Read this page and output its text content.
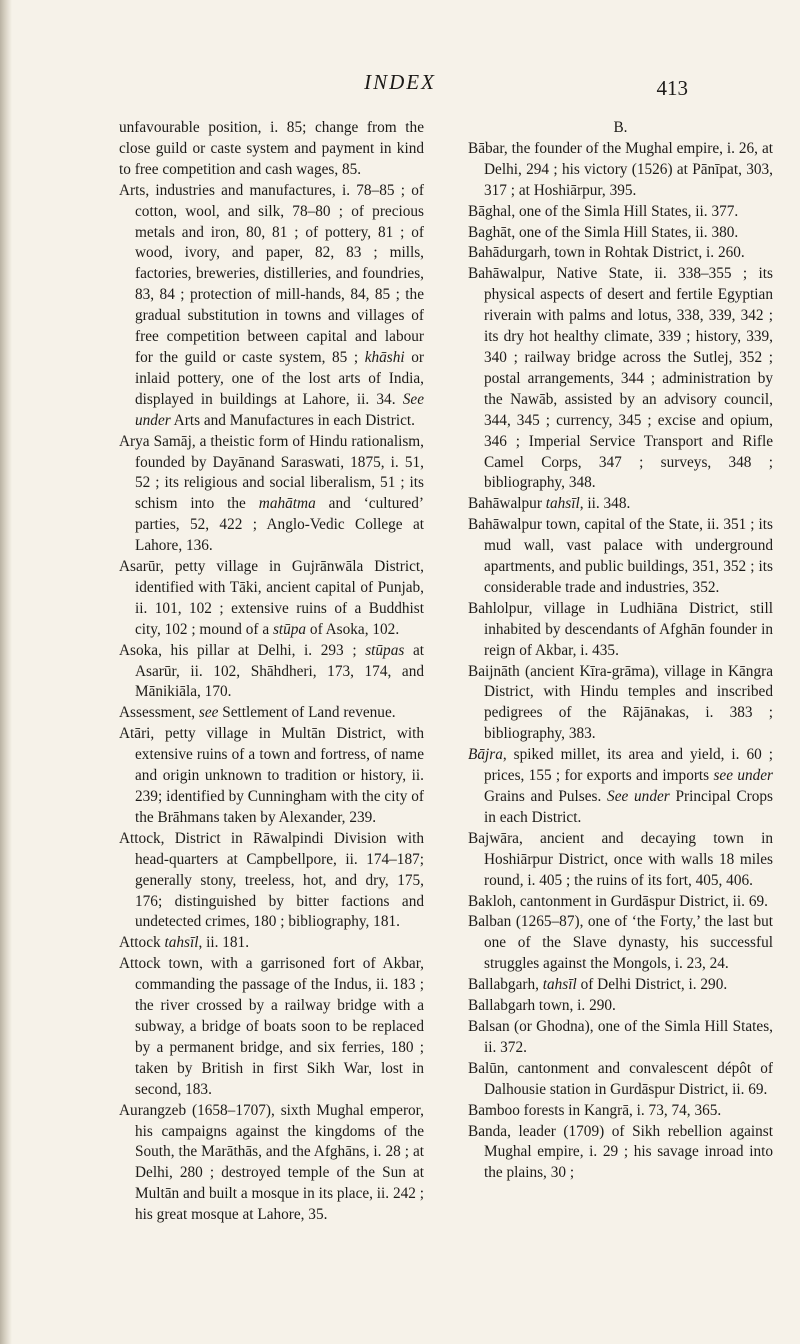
INDEX	413

unfavourable position, i. 85; change from the close guild or caste system and payment in kind to free competition and cash wages, 85.

Arts, industries and manufactures, i. 78–85 ; of cotton, wool, and silk, 78–80 ; of precious metals and iron, 80, 81 ; of pottery, 81 ; of wood, ivory, and paper, 82, 83 ; mills, factories, breweries, distilleries, and foundries, 83, 84 ; protection of mill-hands, 84, 85 ; the gradual substitution in towns and villages of free competition between capital and labour for the guild or caste system, 85 ; khāshi or inlaid pottery, one of the lost arts of India, displayed in buildings at Lahore, ii. 34. See under Arts and Manufactures in each District.

Arya Samāj, a theistic form of Hindu rationalism, founded by Dayānand Saraswati, 1875, i. 51, 52 ; its religious and social liberalism, 51 ; its schism into the mahātma and ‘cultured’ parties, 52, 422 ; Anglo-Vedic College at Lahore, 136.

Asarūr, petty village in Gujrānwāla District, identified with Tāki, ancient capital of Punjab, ii. 101, 102 ; extensive ruins of a Buddhist city, 102 ; mound of a stūpa of Asoka, 102.

Asoka, his pillar at Delhi, i. 293 ; stūpas at Asarūr, ii. 102, Shāhdheri, 173, 174, and Mānikiāla, 170.

Assessment, see Settlement of Land revenue.

Atāri, petty village in Multān District, with extensive ruins of a town and fortress, of name and origin unknown to tradition or history, ii. 239; identified by Cunningham with the city of the Brāhmans taken by Alexander, 239.

Attock, District in Rāwalpindi Division with head-quarters at Campbellpore, ii. 174–187; generally stony, treeless, hot, and dry, 175, 176; distinguished by bitter factions and undetected crimes, 180 ; bibliography, 181.

Attock tahsīl, ii. 181.

Attock town, with a garrisoned fort of Akbar, commanding the passage of the Indus, ii. 183 ; the river crossed by a railway bridge with a subway, a bridge of boats soon to be replaced by a permanent bridge, and six ferries, 180 ; taken by British in first Sikh War, lost in second, 183.

Aurangzeb (1658–1707), sixth Mughal emperor, his campaigns against the kingdoms of the South, the Marāthās, and the Afghāns, i. 28 ; at Delhi, 280 ; destroyed temple of the Sun at Multān and built a mosque in its place, ii. 242 ; his great mosque at Lahore, 35.

B.

Bābar, the founder of the Mughal empire, i. 26, at Delhi, 294 ; his victory (1526) at Pānīpat, 303, 317 ; at Hoshiārpur, 395.

Bāghal, one of the Simla Hill States, ii. 377.

Baghāt, one of the Simla Hill States, ii. 380.

Bahādurgarh, town in Rohtak District, i. 260.

Bahāwalpur, Native State, ii. 338–355 ; its physical aspects of desert and fertile Egyptian riverain with palms and lotus, 338, 339, 342 ; its dry hot healthy climate, 339 ; history, 339, 340 ; railway bridge across the Sutlej, 352 ; postal arrangements, 344 ; administration by the Nawāb, assisted by an advisory council, 344, 345 ; currency, 345 ; excise and opium, 346 ; Imperial Service Transport and Rifle Camel Corps, 347 ; surveys, 348 ; bibliography, 348.

Bahāwalpur tahsīl, ii. 348.

Bahāwalpur town, capital of the State, ii. 351 ; its mud wall, vast palace with underground apartments, and public buildings, 351, 352 ; its considerable trade and industries, 352.

Bahlolpur, village in Ludhiāna District, still inhabited by descendants of Afghān founder in reign of Akbar, i. 435.

Baijnāth (ancient Kīra-grāma), village in Kāngra District, with Hindu temples and inscribed pedigrees of the Rājānakas, i. 383 ; bibliography, 383.

Bājra, spiked millet, its area and yield, i. 60 ; prices, 155 ; for exports and imports see under Grains and Pulses. See under Principal Crops in each District.

Bajwāra, ancient and decaying town in Hoshiārpur District, once with walls 18 miles round, i. 405 ; the ruins of its fort, 405, 406.

Bakloh, cantonment in Gurdāspur District, ii. 69.

Balban (1265–87), one of ‘the Forty,’ the last but one of the Slave dynasty, his successful struggles against the Mongols, i. 23, 24.

Ballabgarh, tahsīl of Delhi District, i. 290.

Ballabgarh town, i. 290.

Balsan (or Ghodna), one of the Simla Hill States, ii. 372.

Balūn, cantonment and convalescent dépôt of Dalhousie station in Gurdāspur District, ii. 69.

Bamboo forests in Kangrā, i. 73, 74, 365.

Banda, leader (1709) of Sikh rebellion against Mughal empire, i. 29 ; his savage inroad into the plains, 30 ;
